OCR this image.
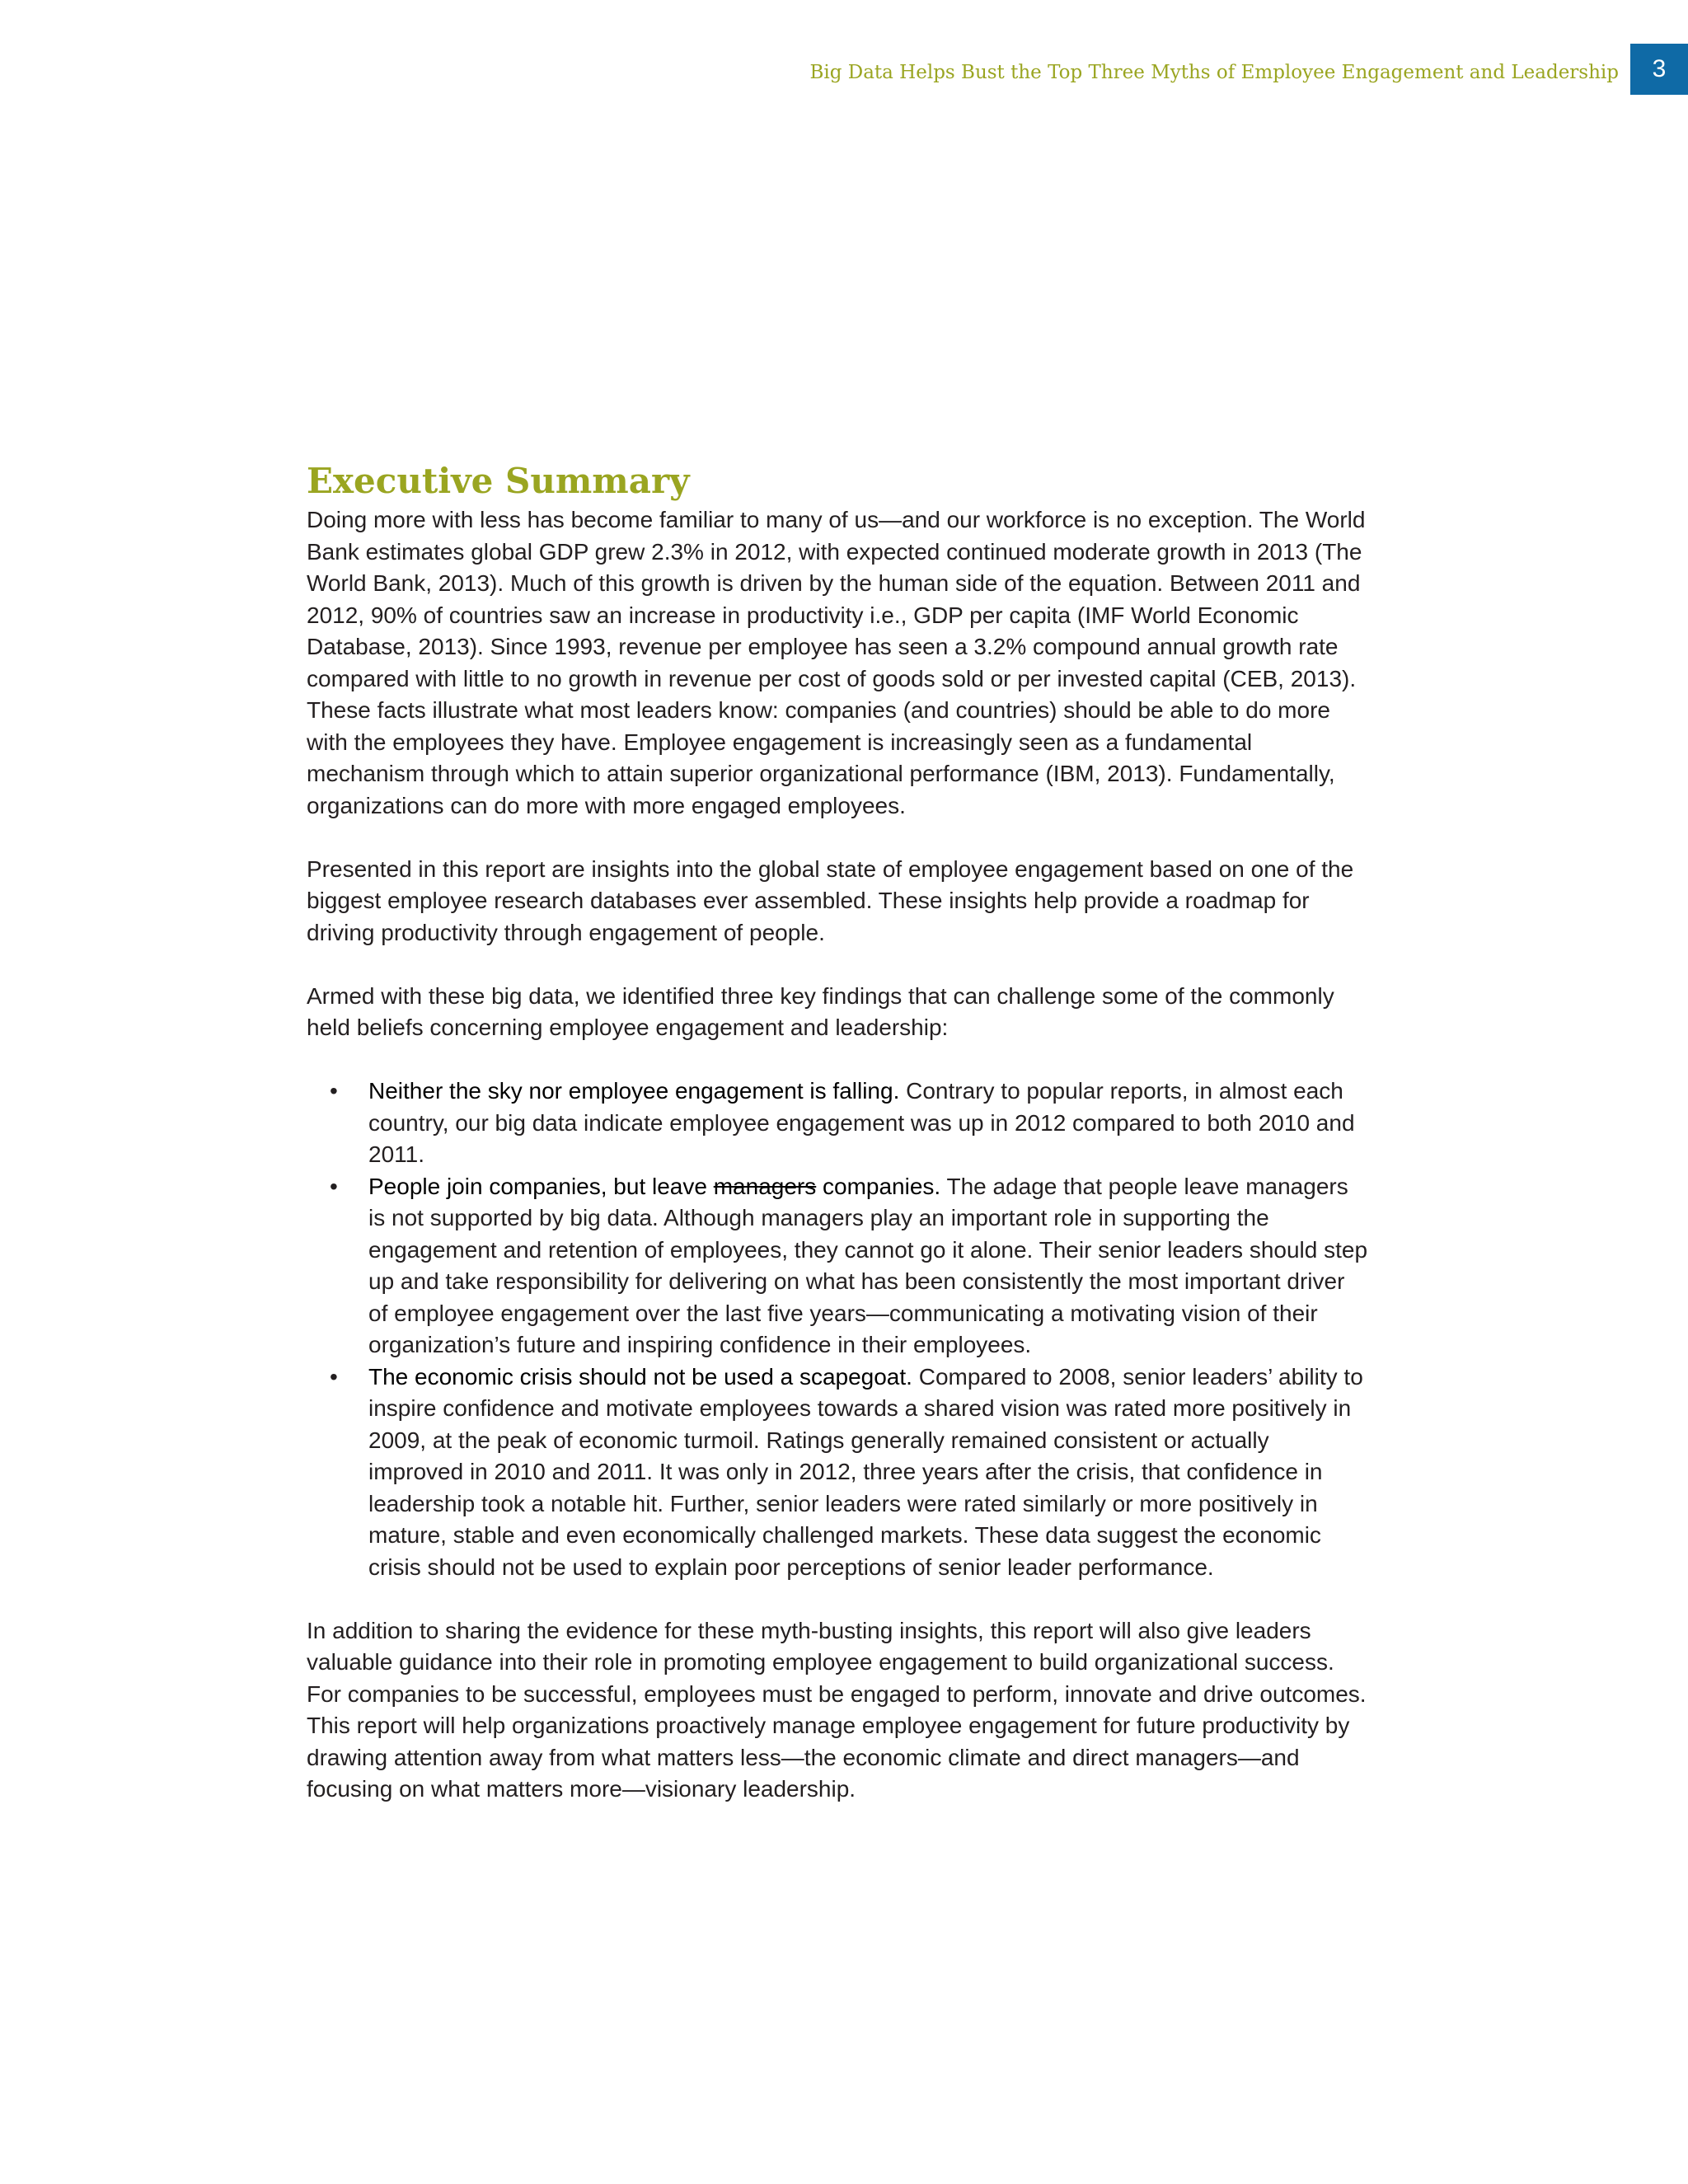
Big Data Helps Bust the Top Three Myths of Employee Engagement and Leadership	3
Executive Summary

Doing more with less has become familiar to many of us—and our workforce is no exception. The World Bank estimates global GDP grew 2.3% in 2012, with expected continued moderate growth in 2013 (The World Bank, 2013). Much of this growth is driven by the human side of the equation. Between 2011 and 2012, 90% of countries saw an increase in productivity i.e., GDP per capita (IMF World Economic Database, 2013). Since 1993, revenue per employee has seen a 3.2% compound annual growth rate compared with little to no growth in revenue per cost of goods sold or per invested capital (CEB, 2013). These facts illustrate what most leaders know: companies (and countries) should be able to do more with the employees they have. Employee engagement is increasingly seen as a fundamental mechanism through which to attain superior organizational performance (IBM, 2013). Fundamentally, organizations can do more with more engaged employees.

Presented in this report are insights into the global state of employee engagement based on one of the biggest employee research databases ever assembled. These insights help provide a roadmap for driving productivity through engagement of people.

Armed with these big data, we identified three key findings that can challenge some of the commonly held beliefs concerning employee engagement and leadership:

• Neither the sky nor employee engagement is falling. Contrary to popular reports, in almost each country, our big data indicate employee engagement was up in 2012 compared to both 2010 and 2011.
• People join companies, but leave managers companies. The adage that people leave managers is not supported by big data. Although managers play an important role in supporting the engagement and retention of employees, they cannot go it alone. Their senior leaders should step up and take responsibility for delivering on what has been consistently the most important driver of employee engagement over the last five years—communicating a motivating vision of their organization’s future and inspiring confidence in their employees.
• The economic crisis should not be used a scapegoat. Compared to 2008, senior leaders’ ability to inspire confidence and motivate employees towards a shared vision was rated more positively in 2009, at the peak of economic turmoil. Ratings generally remained consistent or actually improved in 2010 and 2011. It was only in 2012, three years after the crisis, that confidence in leadership took a notable hit. Further, senior leaders were rated similarly or more positively in mature, stable and even economically challenged markets. These data suggest the economic crisis should not be used to explain poor perceptions of senior leader performance.

In addition to sharing the evidence for these myth-busting insights, this report will also give leaders valuable guidance into their role in promoting employee engagement to build organizational success. For companies to be successful, employees must be engaged to perform, innovate and drive outcomes. This report will help organizations proactively manage employee engagement for future productivity by drawing attention away from what matters less—the economic climate and direct managers—and focusing on what matters more—visionary leadership.
